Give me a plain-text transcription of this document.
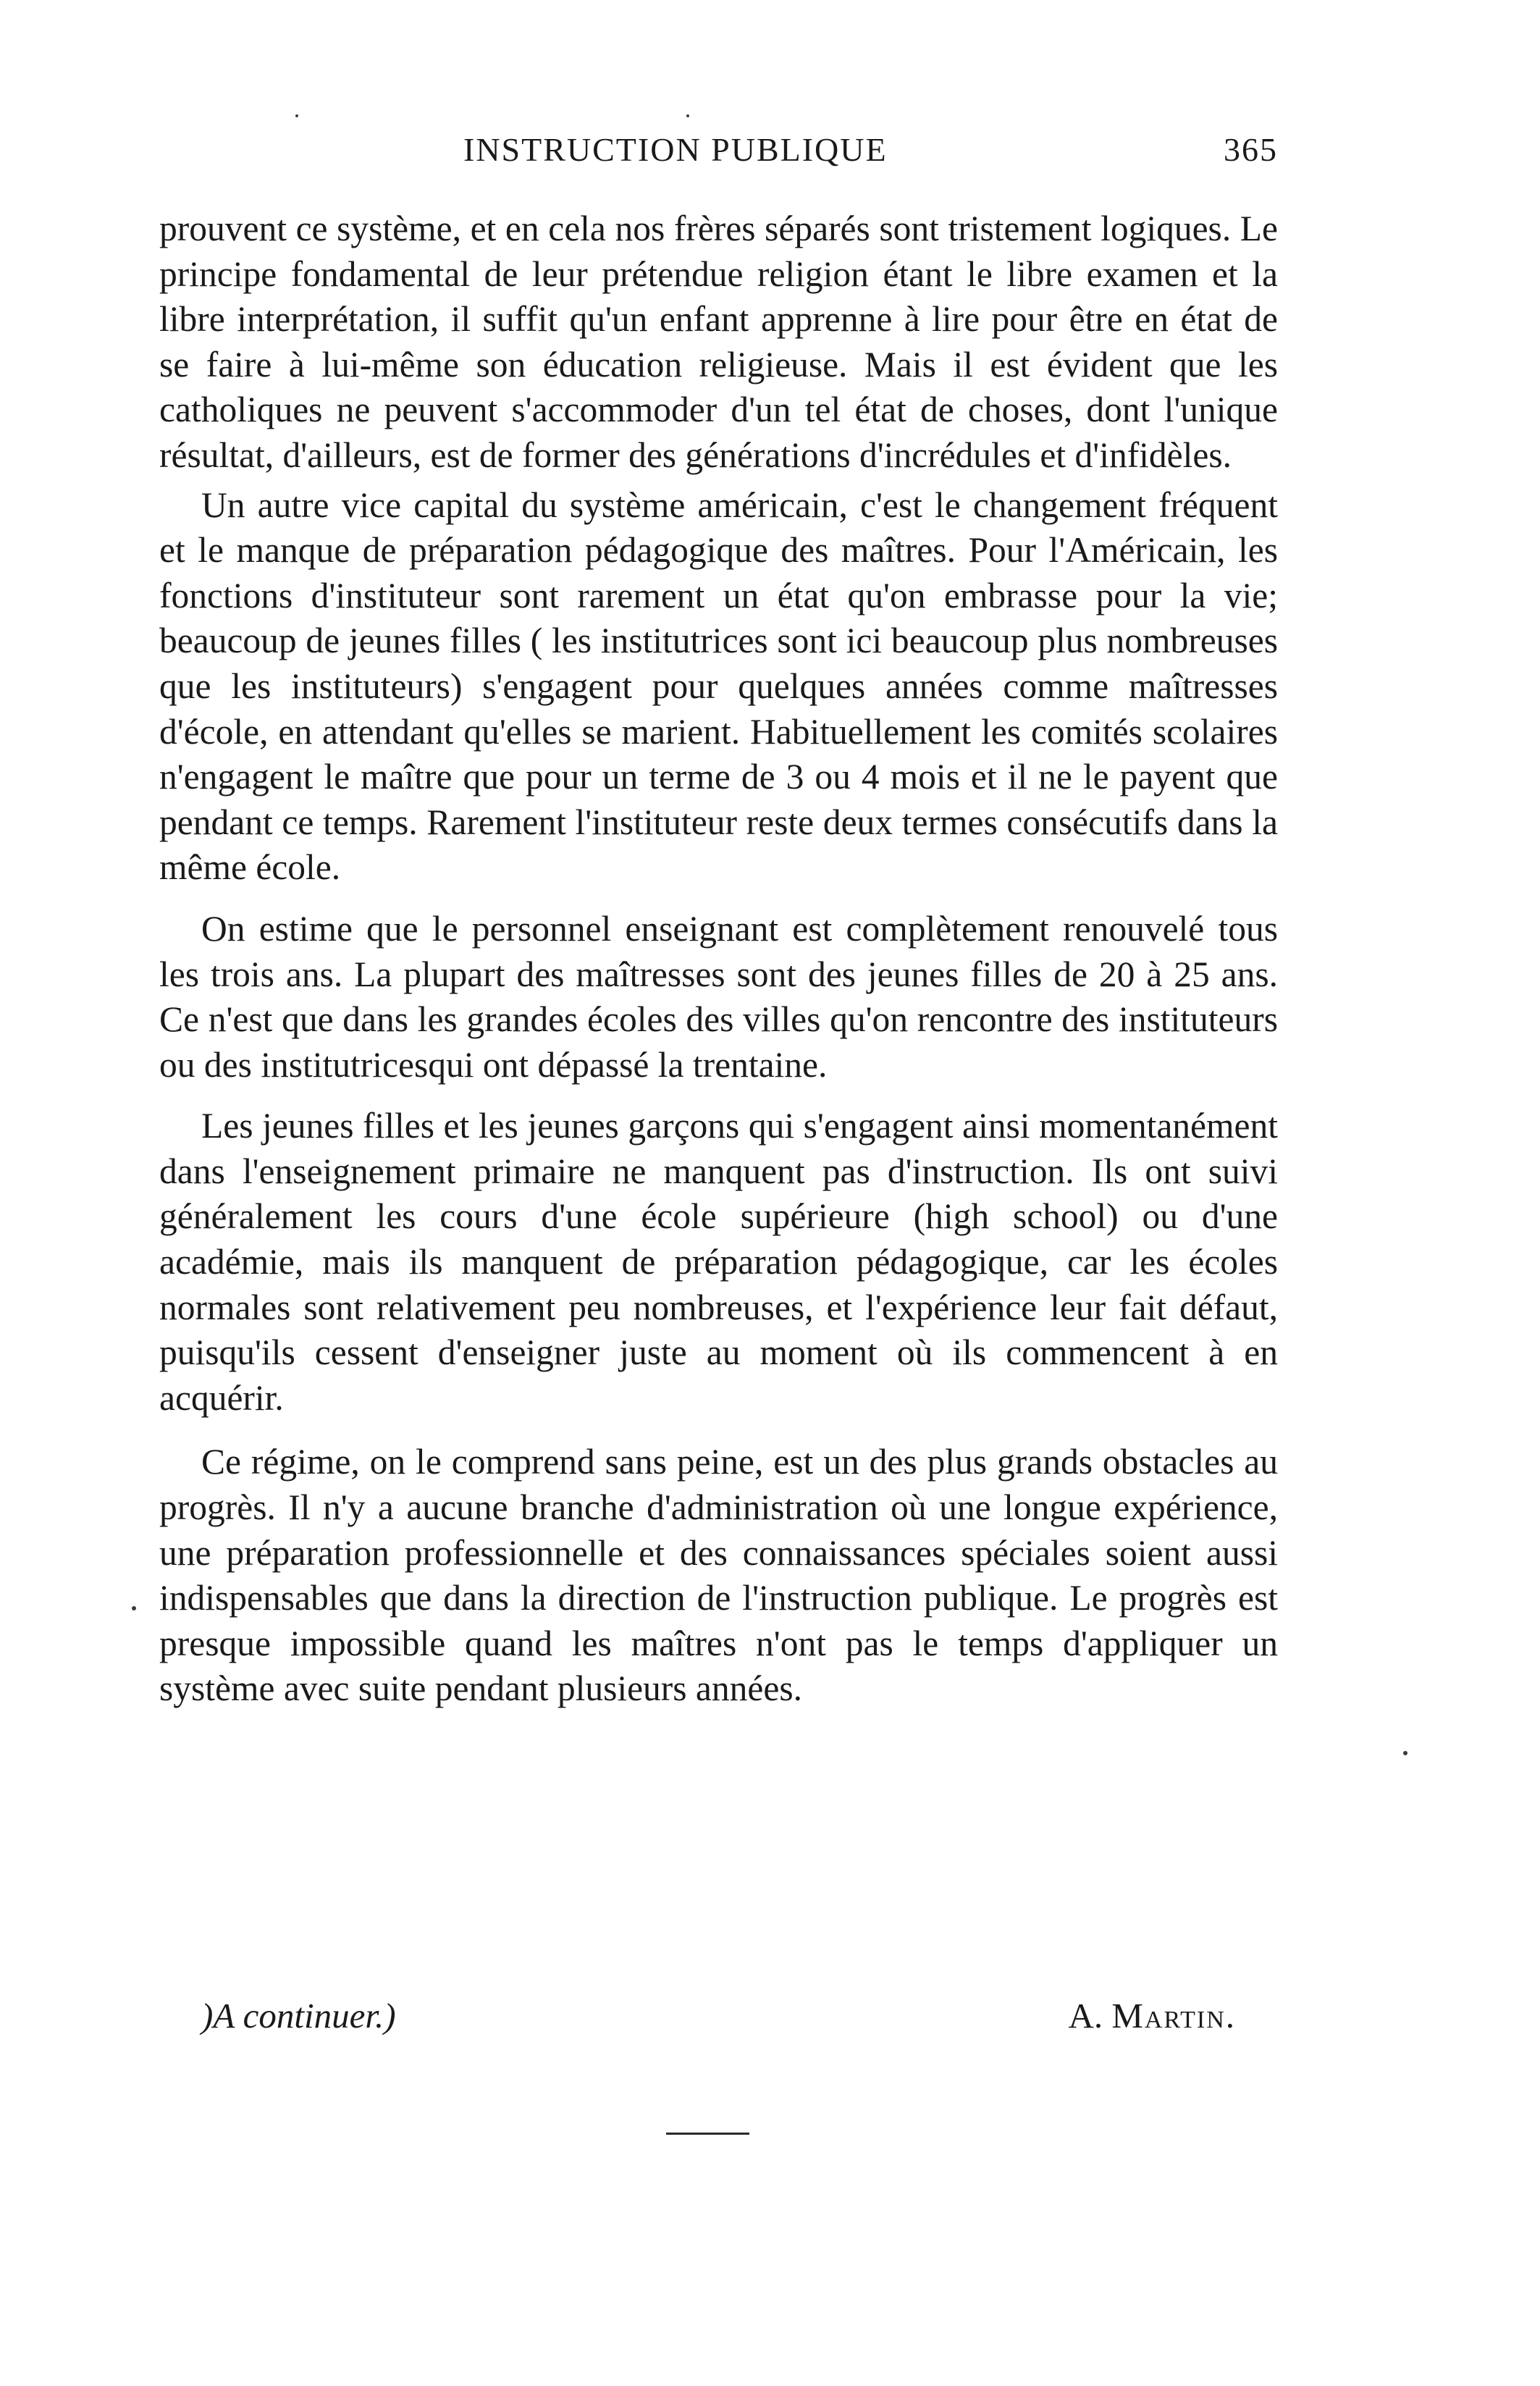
INSTRUCTION PUBLIQUE	365

prouvent ce système, et en cela nos frères séparés sont tristement logiques. Le principe fondamental de leur prétendue religion étant le libre examen et la libre interprétation, il suffit qu'un enfant apprenne à lire pour être en état de se faire à lui-même son éducation religieuse. Mais il est évident que les catholiques ne peuvent s'accommoder d'un tel état de choses, dont l'unique résultat, d'ailleurs, est de former des générations d'incrédules et d'infidèles.

Un autre vice capital du système américain, c'est le changement fréquent et le manque de préparation pédagogique des maîtres. Pour l'Américain, les fonctions d'instituteur sont rarement un état qu'on embrasse pour la vie; beaucoup de jeunes filles ( les institutrices sont ici beaucoup plus nombreuses que les instituteurs) s'engagent pour quelques années comme maîtresses d'école, en attendant qu'elles se marient. Habituellement les comités scolaires n'engagent le maître que pour un terme de 3 ou 4 mois et il ne le payent que pendant ce temps. Rarement l'instituteur reste deux termes consécutifs dans la même école.

On estime que le personnel enseignant est complètement renouvelé tous les trois ans. La plupart des maîtresses sont des jeunes filles de 20 à 25 ans. Ce n'est que dans les grandes écoles des villes qu'on rencontre des instituteurs ou des institutricesqui ont dépassé la trentaine.

Les jeunes filles et les jeunes garçons qui s'engagent ainsi momentanément dans l'enseignement primaire ne manquent pas d'instruction. Ils ont suivi généralement les cours d'une école supérieure (high school) ou d'une académie, mais ils manquent de préparation pédagogique, car les écoles normales sont relativement peu nombreuses, et l'expérience leur fait défaut, puisqu'ils cessent d'enseigner juste au moment où ils commencent à en acquérir.

Ce régime, on le comprend sans peine, est un des plus grands obstacles au progrès. Il n'y a aucune branche d'administration où une longue expérience, une préparation professionnelle et des connaissances spéciales soient aussi indispensables que dans la direction de l'instruction publique. Le progrès est presque impossible quand les maîtres n'ont pas le temps d'appliquer un système avec suite pendant plusieurs années.

)A continuer.)	A. Martin.
